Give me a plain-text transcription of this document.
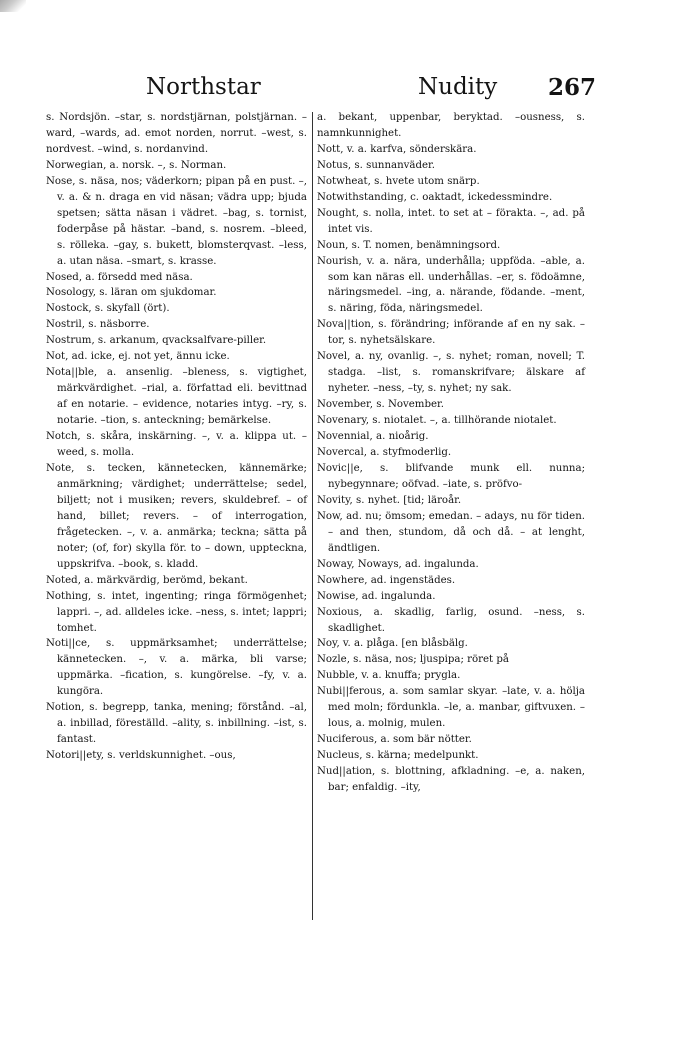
Northstar	Nudity 267

s. Nordsjön. –star, s. nordstjärnan, polstjärnan. –ward, –wards, ad. emot norden, norrut. –west, s. nordvest. –wind, s. nordanvind.

Norwegian, a. norsk. –, s. Norman.

Nose, s. näsa, nos; väderkorn; pipan på en pust. –, v. a. & n. draga en vid näsan; vädra upp; bjuda spetsen; sätta näsan i vädret. –bag, s. tornist, foderpåse på hästar. –band, s. nosrem. –bleed, s. rölleka. –gay, s. bukett, blomsterqvast. –less, a. utan näsa. –smart, s. krasse.

Nosed, a. försedd med näsa.

Nosology, s. läran om sjukdomar.

Nostock, s. skyfall (ört).

Nostril, s. näsborre.

Nostrum, s. arkanum, qvacksalfvare-piller.

Not, ad. icke, ej. not yet, ännu icke.

Nota||ble, a. ansenlig. –bleness, s. vigtighet, märkvärdighet. –rial, a. författad eli. bevittnad af en notarie. – evidence, notaries intyg. –ry, s. notarie. –tion, s. anteckning; bemärkelse.

Notch, s. skåra, inskärning. –, v. a. klippa ut. –weed, s. molla.

Note, s. tecken, kännetecken, kännemärke; anmärkning; värdighet; underrättelse; sedel, biljett; not i musiken; revers, skuldebref. – of hand, billet; revers. – of interrogation, frågetecken. –, v. a. anmärka; teckna; sätta på noter; (of, for) skylla för. to – down, uppteckna, uppskrifva. –book, s. kladd.

Noted, a. märkvärdig, berömd, bekant.

Nothing, s. intet, ingenting; ringa förmögenhet; lappri. –, ad. alldeles icke. –ness, s. intet; lappri; tomhet.

Noti||ce, s. uppmärksamhet; underrättelse; kännetecken. –, v. a. märka, bli varse; uppmärka. –fication, s. kungörelse. –fy, v. a. kungöra.

Notion, s. begrepp, tanka, mening; förstånd. –al, a. inbillad, föreställd. –ality, s. inbillning. –ist, s. fantast.

Notori||ety, s. verldskunnighet. –ous,

a. bekant, uppenbar, beryktad. –ousness, s. namnkunnighet.

Nott, v. a. karfva, sönderskära.

Notus, s. sunnanväder.

Notwheat, s. hvete utom snärp.

Notwithstanding, c. oaktadt, ickedessmindre.

Nought, s. nolla, intet. to set at – förakta. –, ad. på intet vis.

Noun, s. T. nomen, benämningsord.

Nourish, v. a. nära, underhålla; uppföda. –able, a. som kan näras ell. underhållas. –er, s. födoämne, näringsmedel. –ing, a. närande, födande. –ment, s. näring, föda, näringsmedel.

Nova||tion, s. förändring; införande af en ny sak. –tor, s. nyhetsälskare.

Novel, a. ny, ovanlig. –, s. nyhet; roman, novell; T. stadga. –list, s. romanskrifvare; älskare af nyheter. –ness, –ty, s. nyhet; ny sak.

November, s. November.

Novenary, s. niotalet. –, a. tillhörande niotalet.

Novennial, a. nioårig.

Novercal, a. styfmoderlig.

Novic||e, s. blifvande munk ell. nunna; nybegynnare; oöfvad. –iate, s. pröfvo-

Novity, s. nyhet. [tid; läroår.

Now, ad. nu; ömsom; emedan. – adays, nu för tiden. – and then, stundom, då och då. – at lenght, ändtligen.

Noway, Noways, ad. ingalunda.

Nowhere, ad. ingenstädes.

Nowise, ad. ingalunda.

Noxious, a. skadlig, farlig, osund. –ness, s. skadlighet.

Noy, v. a. plåga. [en blåsbälg.

Nozle, s. näsa, nos; ljuspipa; röret på

Nubble, v. a. knuffa; prygla.

Nubi||ferous, a. som samlar skyar. –late, v. a. hölja med moln; fördunkla. –le, a. manbar, giftvuxen. –lous, a. molnig, mulen.

Nuciferous, a. som bär nötter.

Nucleus, s. kärna; medelpunkt.

Nud||ation, s. blottning, afkladning. –e, a. naken, bar; enfaldig. –ity,
